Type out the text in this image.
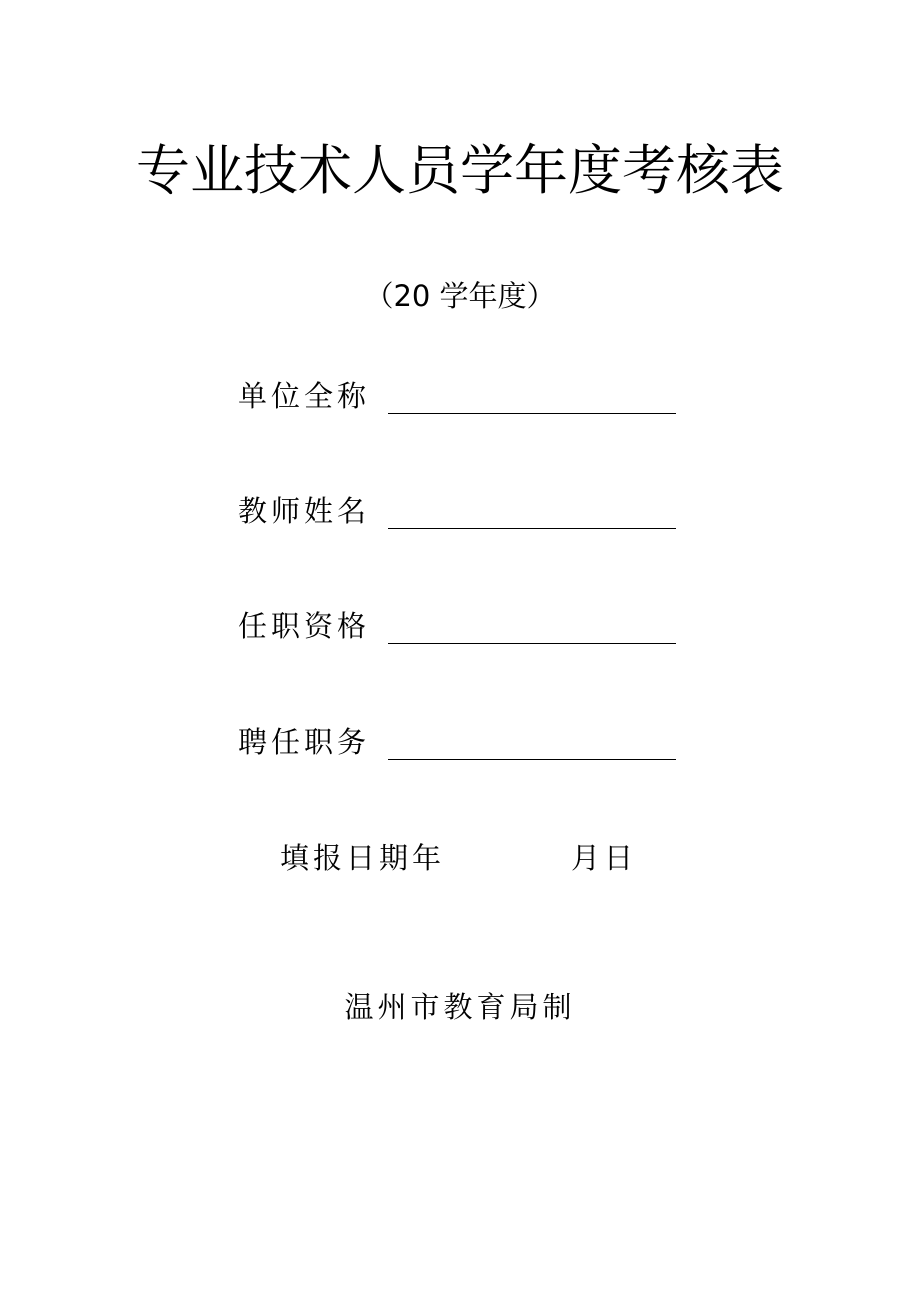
专业技术人员学年度考核表
（20 学年度）
单位全称
教师姓名
任职资格
聘任职务
填报日期年	月日
温州市教育局制
